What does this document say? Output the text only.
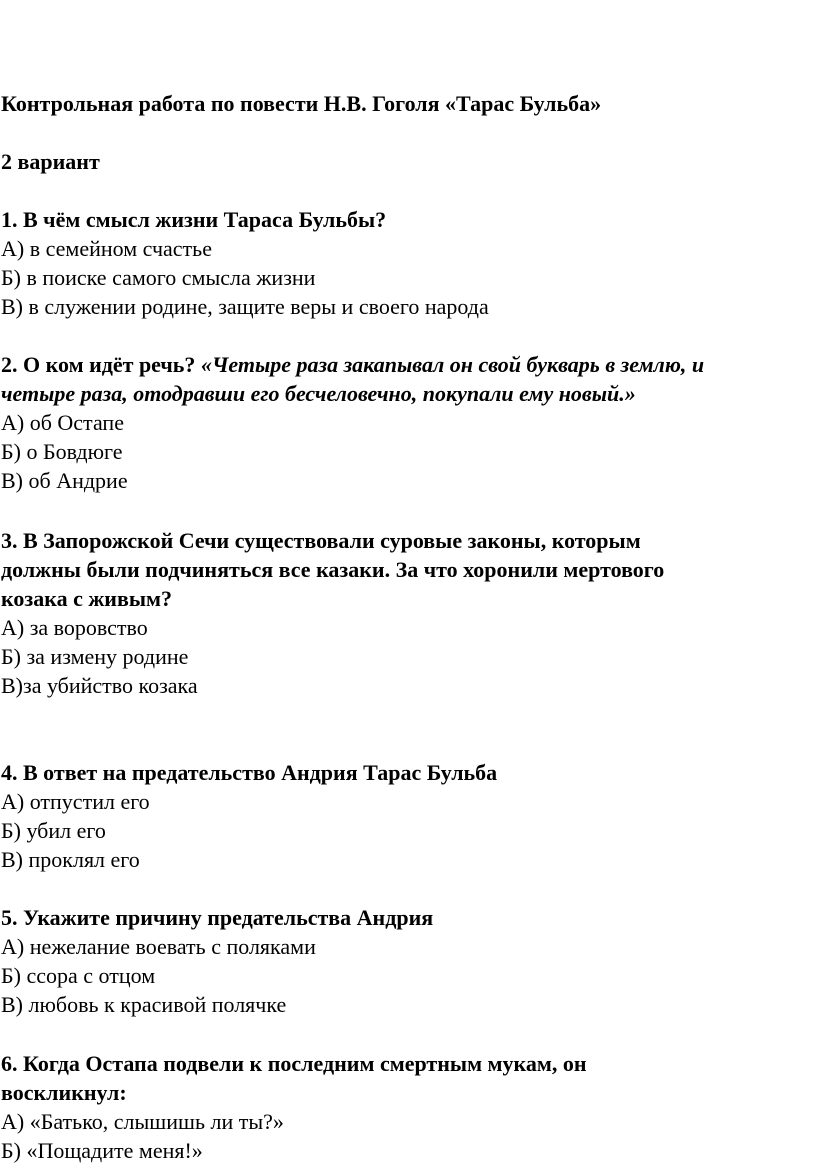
Контрольная работа по повести Н.В. Гоголя «Тарас Бульба»
2 вариант
1. В чём смысл жизни Тараса Бульбы?
А) в семейном счастье
Б) в поиске самого смысла жизни
В) в служении родине, защите веры и своего народа
2. О ком идёт речь? «Четыре раза закапывал он свой букварь в землю, и
четыре раза, отодравши его бесчеловечно, покупали ему новый.»
А) об Остапе
Б) о Бовдюге
В) об Андрие
3. В Запорожской Сечи существовали суровые законы, которым
должны были подчиняться все казаки. За что хоронили мертового
козака с живым?
А) за воровство
Б) за измену родине
В)за убийство козака
4. В ответ на предательство Андрия Тарас Бульба
А) отпустил его
Б) убил его
В) проклял его
5. Укажите причину предательства Андрия
А) нежелание воевать с поляками
Б) ссора с отцом
В) любовь к красивой полячке
6. Когда Остапа подвели к последним смертным мукам, он
воскликнул:
А) «Батько, слышишь ли ты?»
Б) «Пощадите меня!»
